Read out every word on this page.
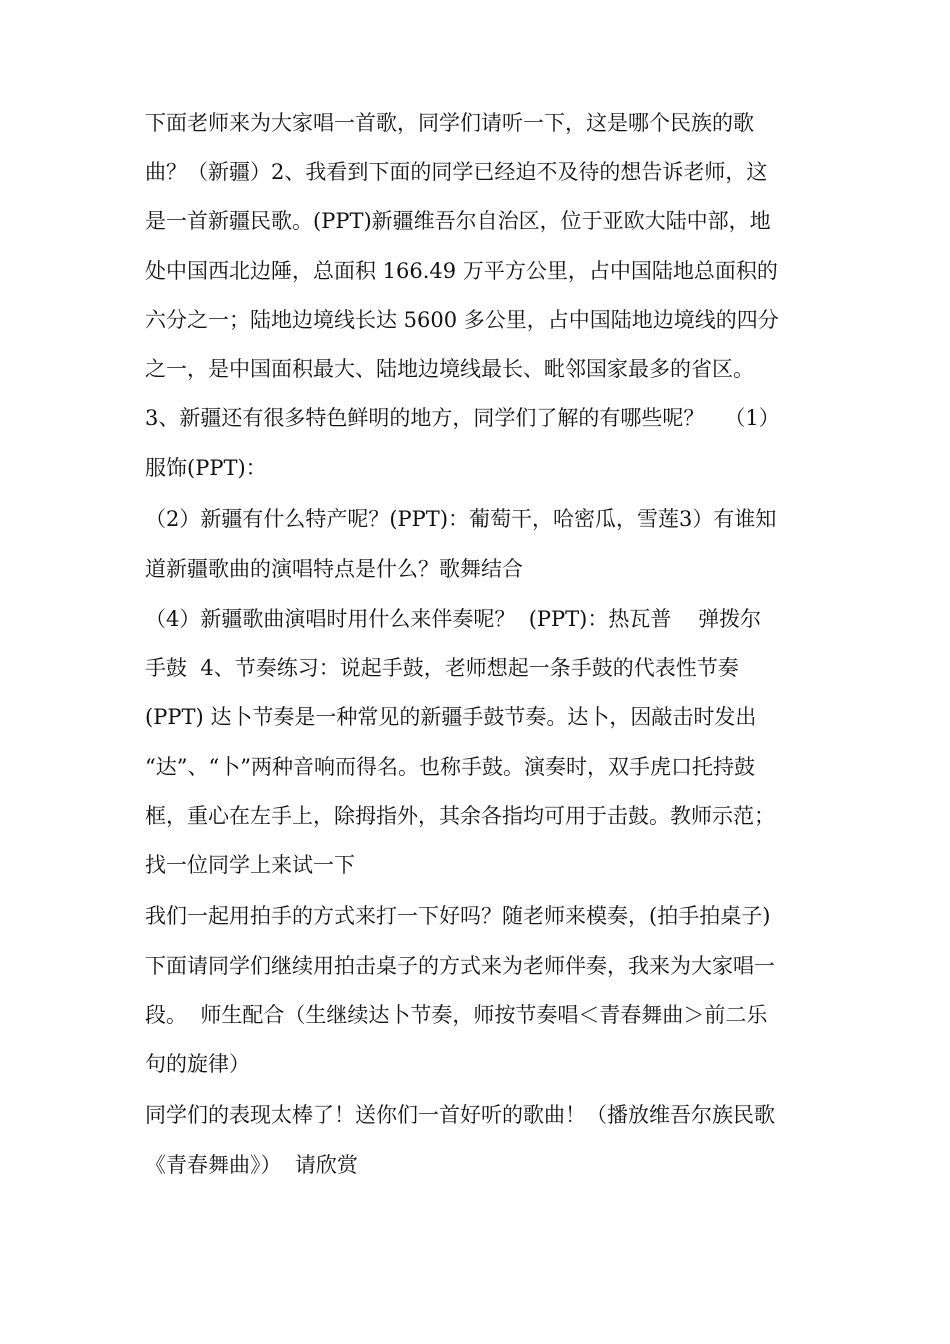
下面老师来为大家唱一首歌，同学们请听一下，这是哪个民族的歌
曲？（新疆）2、我看到下面的同学已经迫不及待的想告诉老师，这
是一首新疆民歌。(PPT)新疆维吾尔自治区，位于亚欧大陆中部，地
处中国西北边陲，总面积 166.49 万平方公里，占中国陆地总面积的
六分之一；陆地边境线长达 5600 多公里，占中国陆地边境线的四分
之一，是中国面积最大、陆地边境线最长、毗邻国家最多的省区。
3、新疆还有很多特色鲜明的地方，同学们了解的有哪些呢？   （1）
服饰(PPT)：
（2）新疆有什么特产呢？(PPT)：葡萄干，哈密瓜，雪莲3）有谁知
道新疆歌曲的演唱特点是什么？歌舞结合
（4）新疆歌曲演唱时用什么来伴奏呢？  (PPT)：热瓦普    弹拨尔
手鼓  4、节奏练习：说起手鼓，老师想起一条手鼓的代表性节奏
(PPT) 达卜节奏是一种常见的新疆手鼓节奏。达卜，因敲击时发出
“达”、“卜”两种音响而得名。也称手鼓。演奏时，双手虎口托持鼓
框，重心在左手上，除拇指外，其余各指均可用于击鼓。教师示范；
找一位同学上来试一下
我们一起用拍手的方式来打一下好吗？随老师来模奏，(拍手拍桌子)
下面请同学们继续用拍击桌子的方式来为老师伴奏，我来为大家唱一
段。  师生配合（生继续达卜节奏，师按节奏唱＜青春舞曲＞前二乐
句的旋律）
同学们的表现太棒了！送你们一首好听的歌曲！（播放维吾尔族民歌
《青春舞曲》）  请欣赏
